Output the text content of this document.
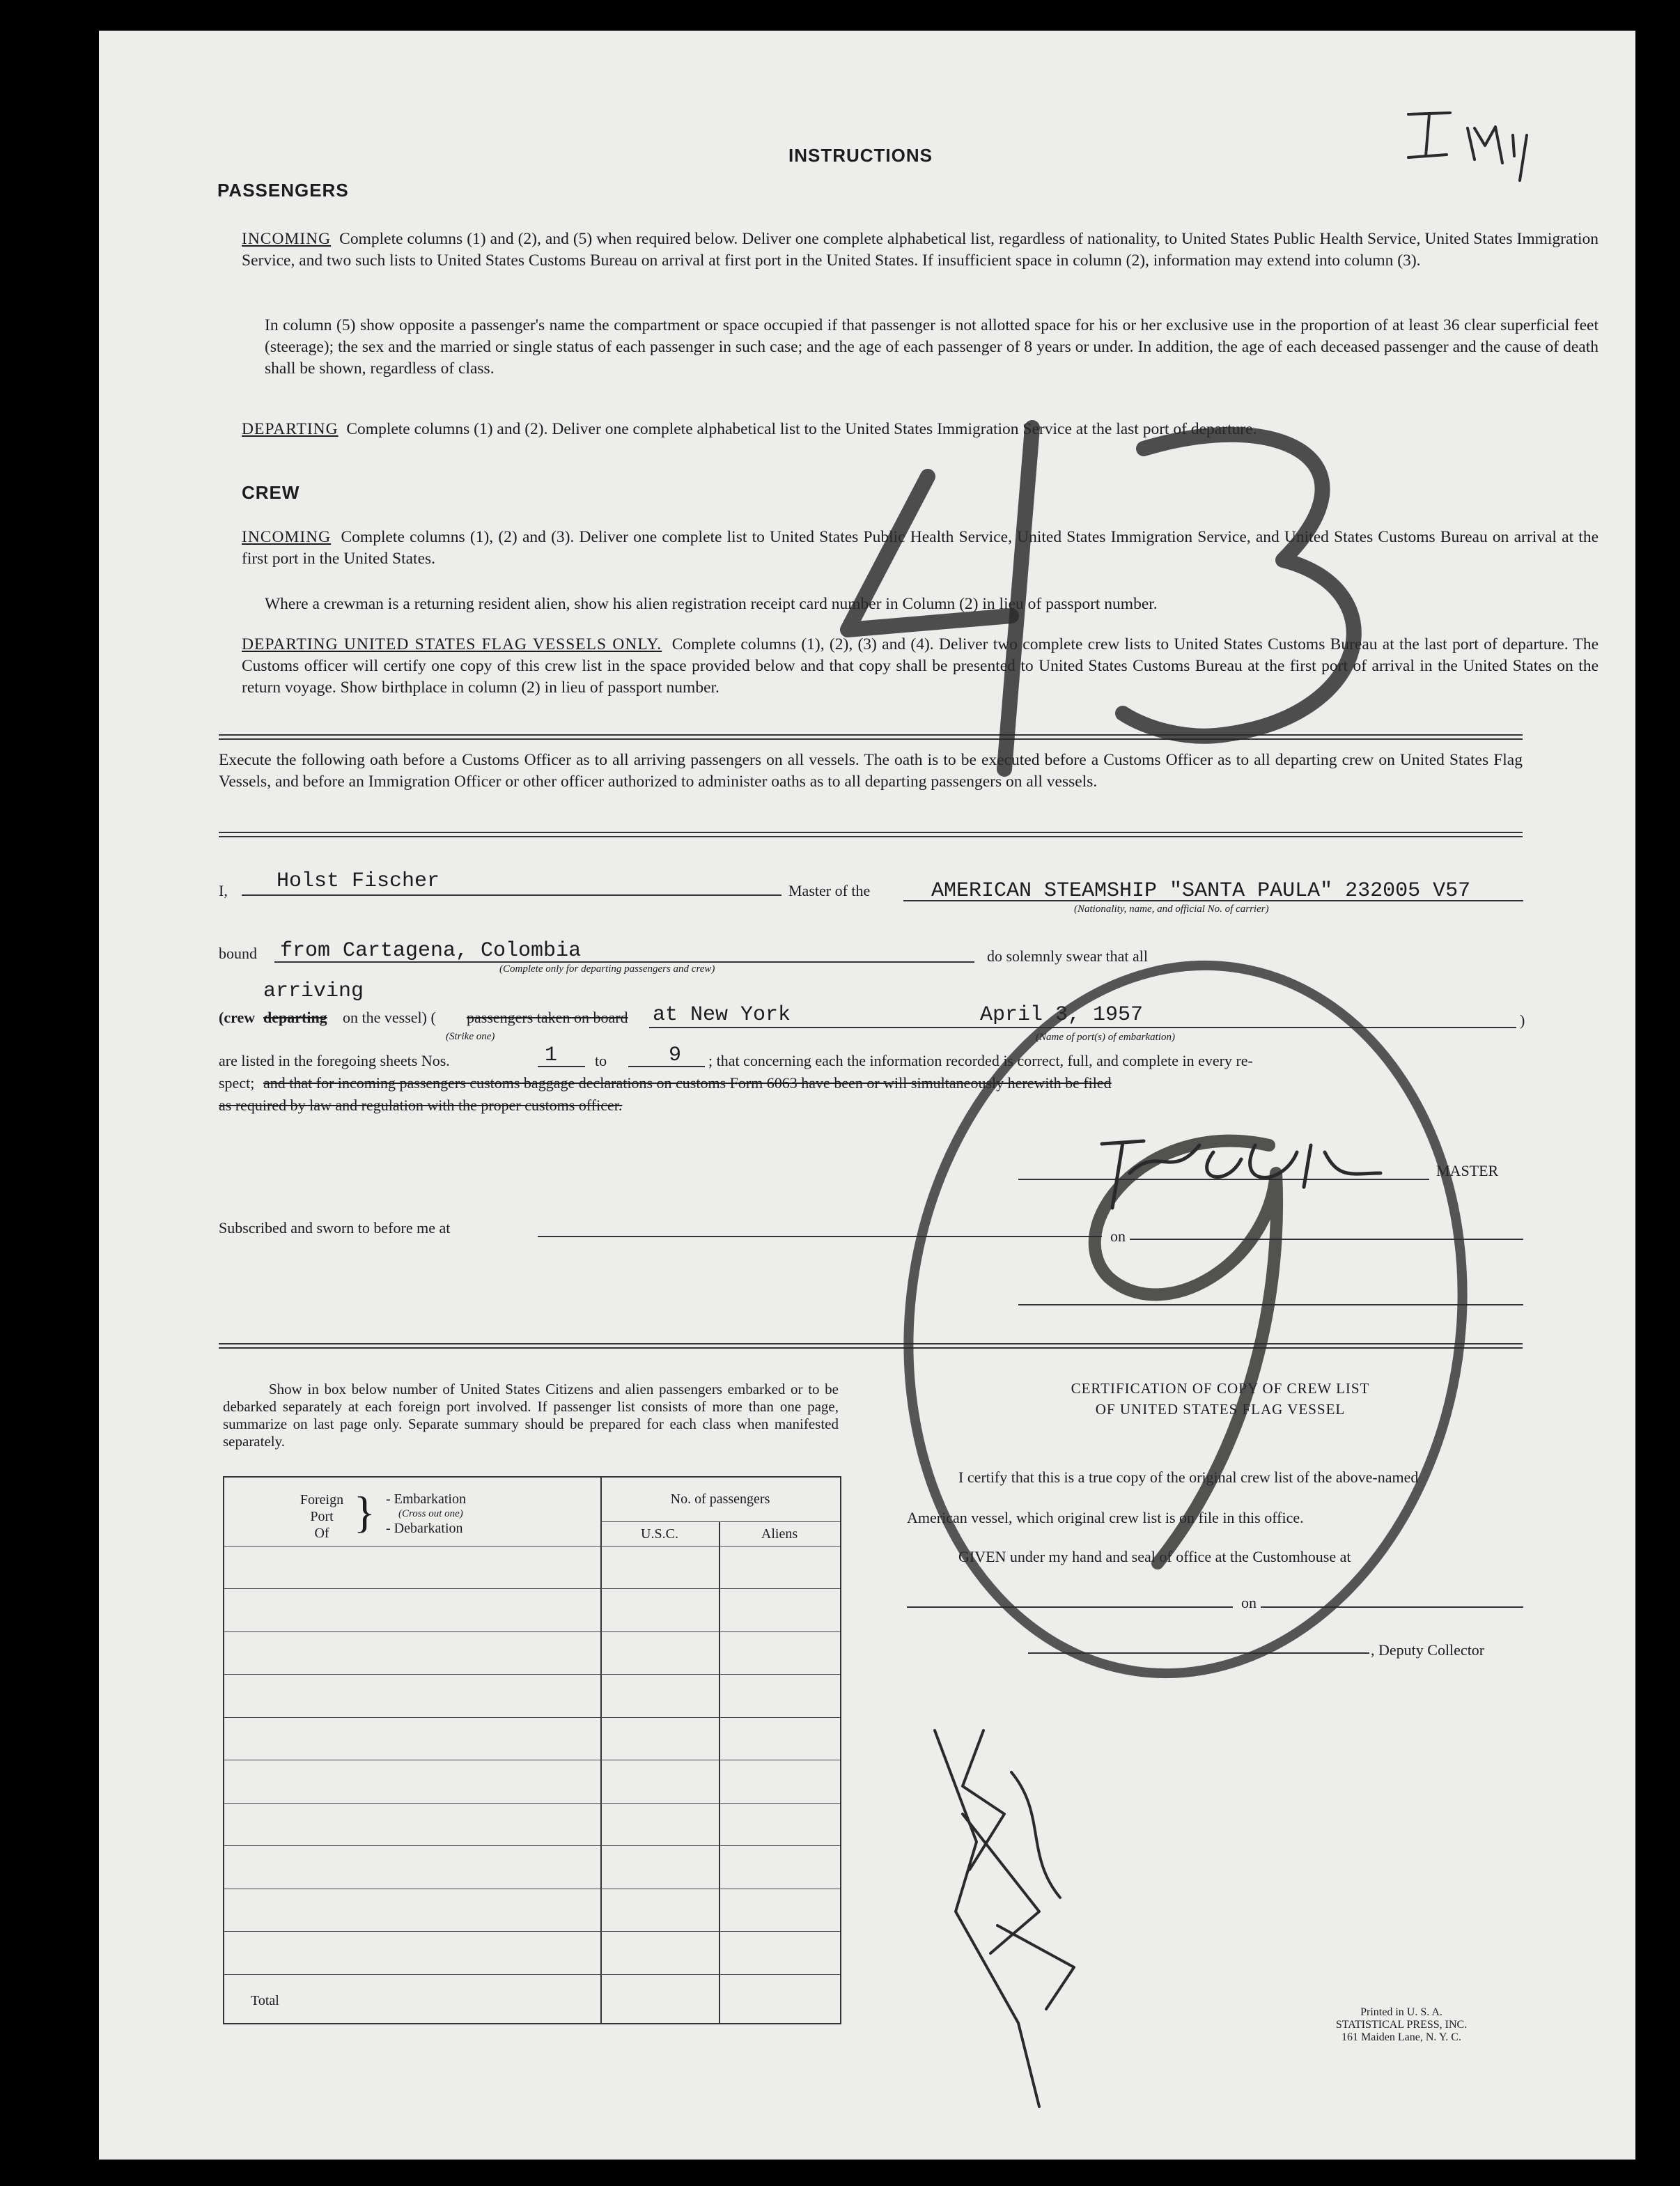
INSTRUCTIONS
PASSENGERS
INCOMING Complete columns (1) and (2), and (5) when required below. Deliver one complete alphabetical list, regardless of nationality, to United States Public Health Service, United States Immigration Service, and two such lists to United States Customs Bureau on arrival at first port in the United States. If insufficient space in column (2), information may extend into column (3).
In column (5) show opposite a passenger's name the compartment or space occupied if that passenger is not allotted space for his or her exclusive use in the proportion of at least 36 clear superficial feet (steerage); the sex and the married or single status of each passenger in such case; and the age of each passenger of 8 years or under. In addition, the age of each deceased passenger and the cause of death shall be shown, regardless of class.
DEPARTING Complete columns (1) and (2). Deliver one complete alphabetical list to the United States Immigration Service at the last port of departure.
CREW
INCOMING Complete columns (1), (2) and (3). Deliver one complete list to United States Public Health Service, United States Immigration Service, and United States Customs Bureau on arrival at the first port in the United States.
Where a crewman is a returning resident alien, show his alien registration receipt card number in Column (2) in lieu of passport number.
DEPARTING UNITED STATES FLAG VESSELS ONLY. Complete columns (1), (2), (3) and (4). Deliver two complete crew lists to United States Customs Bureau at the last port of departure. The Customs officer will certify one copy of this crew list in the space provided below and that copy shall be presented to United States Customs Bureau at the first port of arrival in the United States on the return voyage. Show birthplace in column (2) in lieu of passport number.
Execute the following oath before a Customs Officer as to all arriving passengers on all vessels. The oath is to be executed before a Customs Officer as to all departing crew on United States Flag Vessels, and before an Immigration Officer or other officer authorized to administer oaths as to all departing passengers on all vessels.
I, Holst Fischer	Master of the	AMERICAN STEAMSHIP "SANTA PAULA" 232005 V57
(Nationality, name, and official No. of carrier)
bound from Cartagena, Colombia
(Complete only for departing passengers and crew)
do solemnly swear that all
arriving
(crew departing on the vessel) ( passengers taken on board at New York	April 3, 1957	)
(Strike one)	(Name of port(s) of embarkation)
are listed in the foregoing sheets Nos.	1 to	9 ; that concerning each the information recorded is correct, full, and complete in every re-
spect; and that for incoming passengers customs baggage declarations on customs Form 6063 have been or will simultaneously herewith be filed
as required by law and regulation with the proper customs officer.
MASTER
Subscribed and sworn to before me at	on
Show in box below number of United States Citizens and alien passengers embarked or to be debarked separately at each foreign port involved. If passenger list consists of more than one page, summarize on last page only. Separate summary should be prepared for each class when manifested separately.
Foreign
Port
Of } - Embarkation
(Cross out one)
- Debarkation
No. of passengers
U.S.C.	Aliens
Total
CERTIFICATION OF COPY OF CREW LIST
OF UNITED STATES FLAG VESSEL
I certify that this is a true copy of the original crew list of the above-named
American vessel, which original crew list is on file in this office.
GIVEN under my hand and seal of office at the Customhouse at
on
, Deputy Collector
Printed in U. S. A.
STATISTICAL PRESS, INC.
161 Maiden Lane, N. Y. C.
